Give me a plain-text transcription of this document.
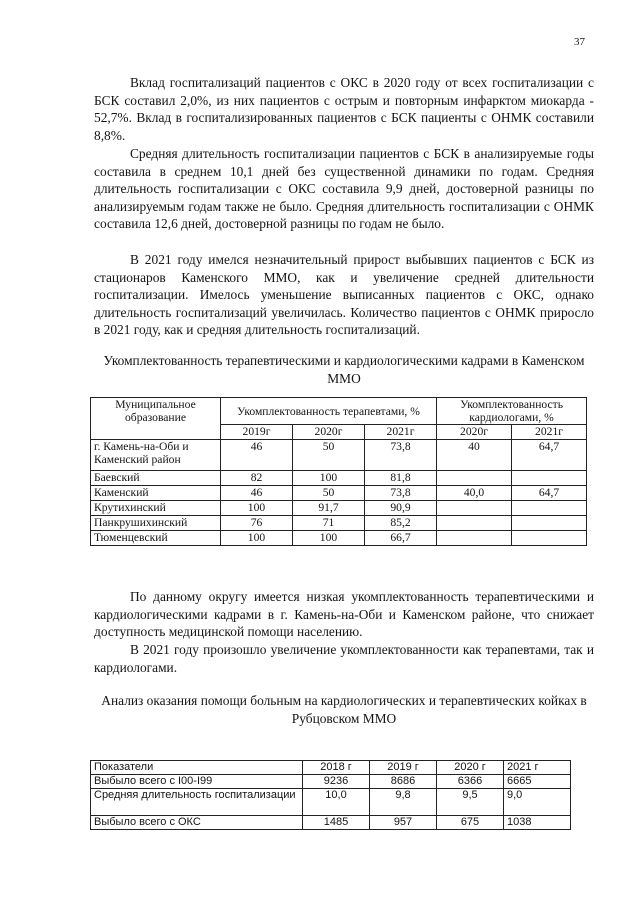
37

Вклад госпитализаций пациентов с ОКС в 2020 году от всех госпитализации с БСК составил 2,0%, из них пациентов с острым и повторным инфарктом миокарда - 52,7%. Вклад в госпитализированных пациентов с БСК пациенты с ОНМК составили 8,8%.

Средняя длительность госпитализации пациентов с БСК в анализируемые годы составила в среднем 10,1 дней без существенной динамики по годам. Средняя длительность госпитализации с ОКС составила 9,9 дней, достоверной разницы по анализируемым годам также не было. Средняя длительность госпитализации с ОНМК составила 12,6 дней, достоверной разницы по годам не было.

В 2021 году имелся незначительный прирост выбывших пациентов с БСК из стационаров Каменского ММО, как и увеличение средней длительности госпитализации. Имелось уменьшение выписанных пациентов с ОКС, однако длительность госпитализаций увеличилась. Количество пациентов с ОНМК приросло в 2021 году, как и средняя длительность госпитализаций.

Укомплектованность терапевтическими и кардиологическими кадрами в Каменском ММО

Муниципальное образование	Укомплектованность терапевтами, %			Укомплектованность кардиологами, %	
	2019г	2020г	2021г	2020г	2021г
г. Камень-на-Оби и Каменский район	46	50	73,8	40	64,7
Баевский	82	100	81,8		
Каменский	46	50	73,8	40,0	64,7
Крутихинский	100	91,7	90,9		
Панкрушихинский	76	71	85,2		
Тюменцевский	100	100	66,7		

По данному округу имеется низкая укомплектованность терапевтическими и кардиологическими кадрами в г. Камень-на-Оби и Каменском районе, что снижает доступность медицинской помощи населению.

В 2021 году произошло увеличение укомплектованности как терапевтами, так и кардиологами.

Анализ оказания помощи больным на кардиологических и терапевтических койках в Рубцовском ММО

Показатели	2018 г	2019 г	2020 г	2021 г
Выбыло всего с I00-I99	9236	8686	6366	6665
Средняя длительность госпитализации	10,0	9,8	9,5	9,0
Выбыло всего с ОКС	1485	957	675	1038
